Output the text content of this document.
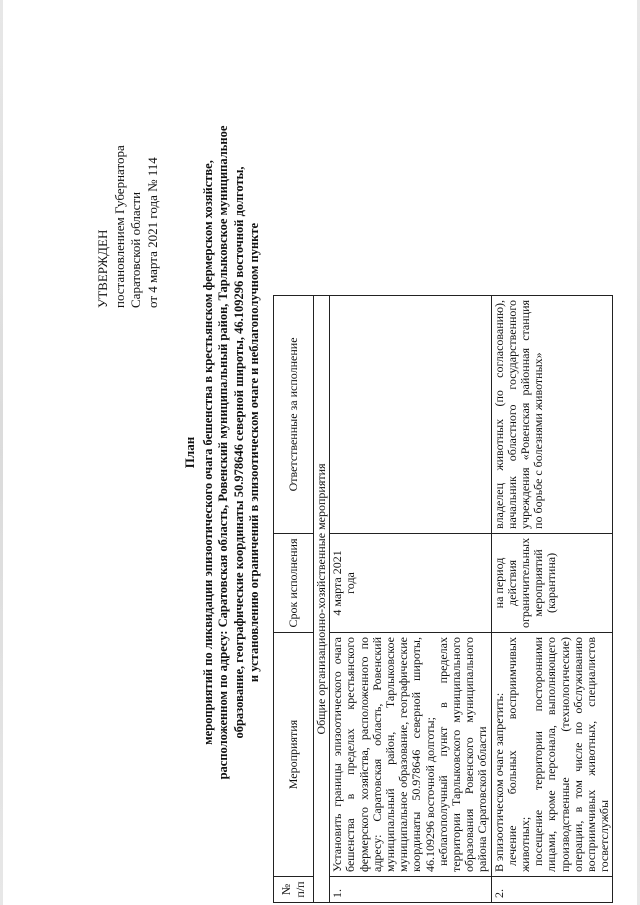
УТВЕРЖДЕН постановлением Губернатора Саратовской области от 4 марта 2021 года № 114
План мероприятий по ликвидации эпизоотического очага бешенства в крестьянском фермерском хозяйстве, расположенном по адресу: Саратовская область, Ровенский муниципальный район, Тарлыковское муниципальное образование, географические координаты 50.978646 северной широты, 46.109296 восточной долготы, и установлению ограничений в эпизоотическом очаге и неблагополучном пункте
№ п/п	Мероприятия	Срок исполнения	Ответственные за исполнение
Общие организационно-хозяйственные мероприятия			
1.	Установить границы эпизоотического очага бешенства в пределах крестьянского фермерского хозяйства, расположенного по адресу: Саратовская область, Ровенский муниципальный район, Тарлыковское муниципальное образование, географические координаты 50.978646 северной широты, 46.109296 восточной долготы; неблагополучный пункт в пределах территории Тарлыковского муниципального образования Ровенского муниципального района Саратовской области	4 марта 2021 года	
2.	В эпизоотическом очаге запретить: лечение больных восприимчивых животных; посещение территории посторонними лицами, кроме персонала, выполняющего производственные (технологические) операции, в том числе по обслуживанию восприимчивых животных, специалистов госветслужбы	на период действия ограничительных мероприятий (карантина)	владелец животных (по согласованию), начальник областного государственного учреждения «Ровенская районная станция по борьбе с болезнями животных»
